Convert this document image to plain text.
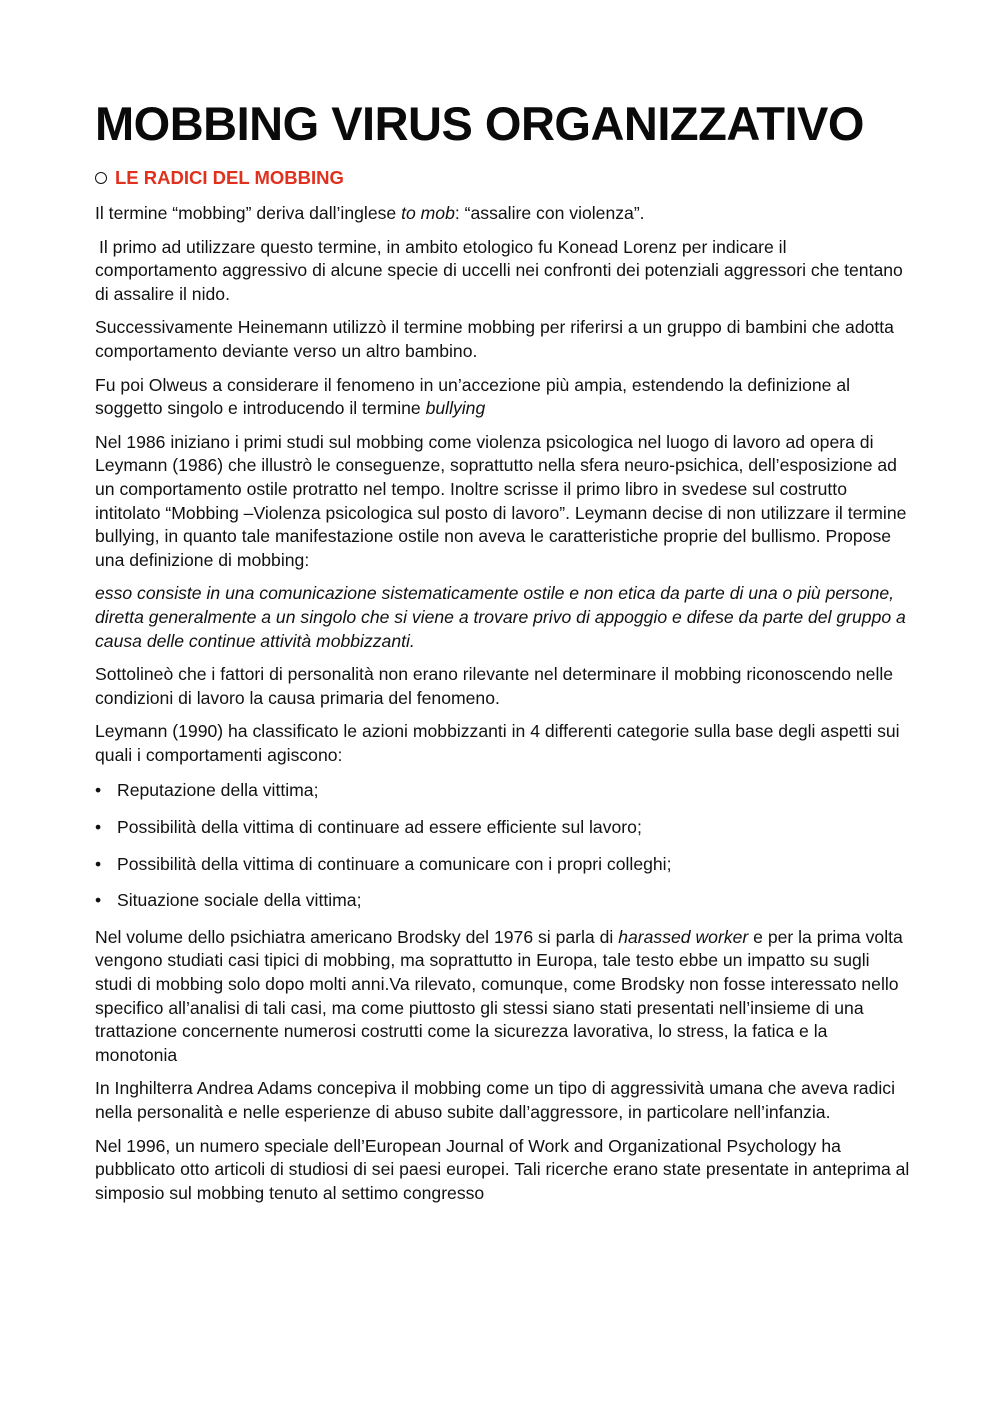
MOBBING VIRUS ORGANIZZATIVO
LE RADICI DEL MOBBING

Il termine “mobbing” deriva dall’inglese to mob: “assalire con violenza”.

Il primo ad utilizzare questo termine, in ambito etologico fu Konead Lorenz per indicare il comportamento aggressivo di alcune specie di uccelli nei confronti dei potenziali aggressori che tentano di assalire il nido.

Successivamente Heinemann utilizzò il termine mobbing per riferirsi a un gruppo di bambini che adotta comportamento deviante verso un altro bambino.

Fu poi Olweus a considerare il fenomeno in un’accezione più ampia, estendendo la definizione al soggetto singolo e introducendo il termine bullying

Nel 1986 iniziano i primi studi sul mobbing come violenza psicologica nel luogo di lavoro ad opera di Leymann (1986) che illustrò le conseguenze, soprattutto nella sfera neuro-psichica, dell’esposizione ad un comportamento ostile protratto nel tempo. Inoltre scrisse il primo libro in svedese sul costrutto intitolato “Mobbing –Violenza psicologica sul posto di lavoro”. Leymann decise di non utilizzare il termine bullying, in quanto tale manifestazione ostile non aveva le caratteristiche proprie del bullismo. Propose una definizione di mobbing:

esso consiste in una comunicazione sistematicamente ostile e non etica da parte di una o più persone, diretta generalmente a un singolo che si viene a trovare privo di appoggio e difese da parte del gruppo a causa delle continue attività mobbizzanti.

Sottolineò che i fattori di personalità non erano rilevante nel determinare il mobbing riconoscendo nelle condizioni di lavoro la causa primaria del fenomeno.

Leymann (1990) ha classificato le azioni mobbizzanti in 4 differenti categorie sulla base degli aspetti sui quali i comportamenti agiscono:

• Reputazione della vittima;
• Possibilità della vittima di continuare ad essere efficiente sul lavoro;
• Possibilità della vittima di continuare a comunicare con i propri colleghi;
• Situazione sociale della vittima;

Nel volume dello psichiatra americano Brodsky del 1976 si parla di harassed worker e per la prima volta vengono studiati casi tipici di mobbing, ma soprattutto in Europa, tale testo ebbe un impatto su sugli studi di mobbing solo dopo molti anni.Va rilevato, comunque, come Brodsky non fosse interessato nello specifico all’analisi di tali casi, ma come piuttosto gli stessi siano stati presentati nell’insieme di una trattazione concernente numerosi costrutti come la sicurezza lavorativa, lo stress, la fatica e la monotonia

In Inghilterra Andrea Adams concepiva il mobbing come un tipo di aggressività umana che aveva radici nella personalità e nelle esperienze di abuso subite dall’aggressore, in particolare nell’infanzia.

Nel 1996, un numero speciale dell’European Journal of Work and Organizational Psychology ha pubblicato otto articoli di studiosi di sei paesi europei. Tali ricerche erano state presentate in anteprima al simposio sul mobbing tenuto al settimo congresso
